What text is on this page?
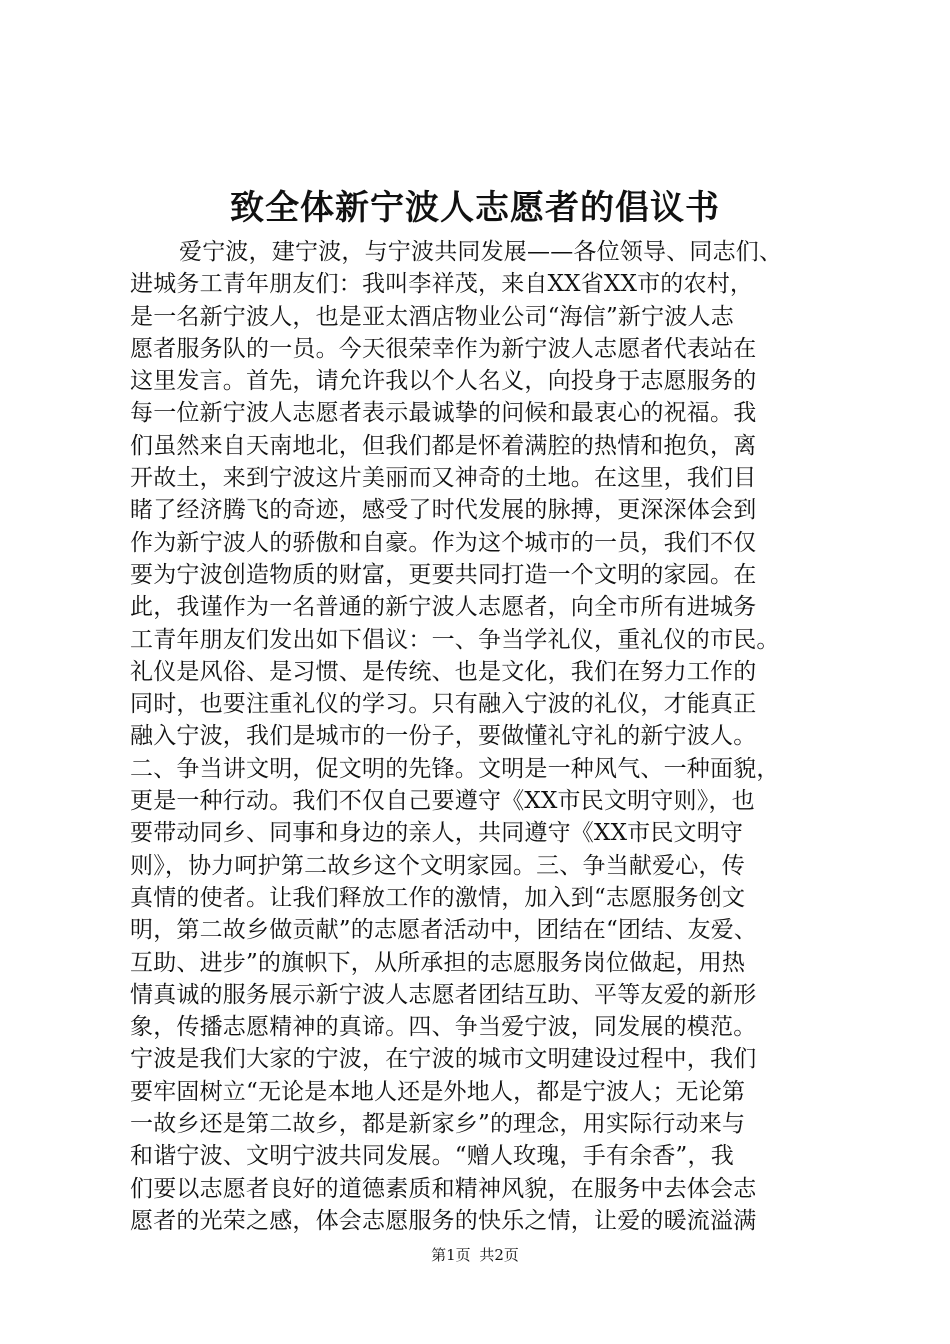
致全体新宁波人志愿者的倡议书
爱宁波，建宁波，与宁波共同发展——各位领导、同志们、
进城务工青年朋友们：我叫李祥茂，来自XX省XX市的农村，
是一名新宁波人，也是亚太酒店物业公司“海信”新宁波人志
愿者服务队的一员。今天很荣幸作为新宁波人志愿者代表站在
这里发言。首先，请允许我以个人名义，向投身于志愿服务的
每一位新宁波人志愿者表示最诚挚的问候和最衷心的祝福。我
们虽然来自天南地北，但我们都是怀着满腔的热情和抱负，离
开故土，来到宁波这片美丽而又神奇的土地。在这里，我们目
睹了经济腾飞的奇迹，感受了时代发展的脉搏，更深深体会到
作为新宁波人的骄傲和自豪。作为这个城市的一员，我们不仅
要为宁波创造物质的财富，更要共同打造一个文明的家园。在
此，我谨作为一名普通的新宁波人志愿者，向全市所有进城务
工青年朋友们发出如下倡议：一、争当学礼仪，重礼仪的市民。
礼仪是风俗、是习惯、是传统、也是文化，我们在努力工作的
同时，也要注重礼仪的学习。只有融入宁波的礼仪，才能真正
融入宁波，我们是城市的一份子，要做懂礼守礼的新宁波人。
二、争当讲文明，促文明的先锋。文明是一种风气、一种面貌，
更是一种行动。我们不仅自己要遵守《XX市民文明守则》，也
要带动同乡、同事和身边的亲人，共同遵守《XX市民文明守
则》，协力呵护第二故乡这个文明家园。三、争当献爱心，传
真情的使者。让我们释放工作的激情，加入到“志愿服务创文
明，第二故乡做贡献”的志愿者活动中，团结在“团结、友爱、
互助、进步”的旗帜下，从所承担的志愿服务岗位做起，用热
情真诚的服务展示新宁波人志愿者团结互助、平等友爱的新形
象，传播志愿精神的真谛。四、争当爱宁波，同发展的模范。
宁波是我们大家的宁波，在宁波的城市文明建设过程中，我们
要牢固树立“无论是本地人还是外地人，都是宁波人；无论第
一故乡还是第二故乡，都是新家乡”的理念，用实际行动来与
和谐宁波、文明宁波共同发展。“赠人玫瑰，手有余香”，我
们要以志愿者良好的道德素质和精神风貌，在服务中去体会志
愿者的光荣之感，体会志愿服务的快乐之情，让爱的暖流溢满
第1页 共2页
